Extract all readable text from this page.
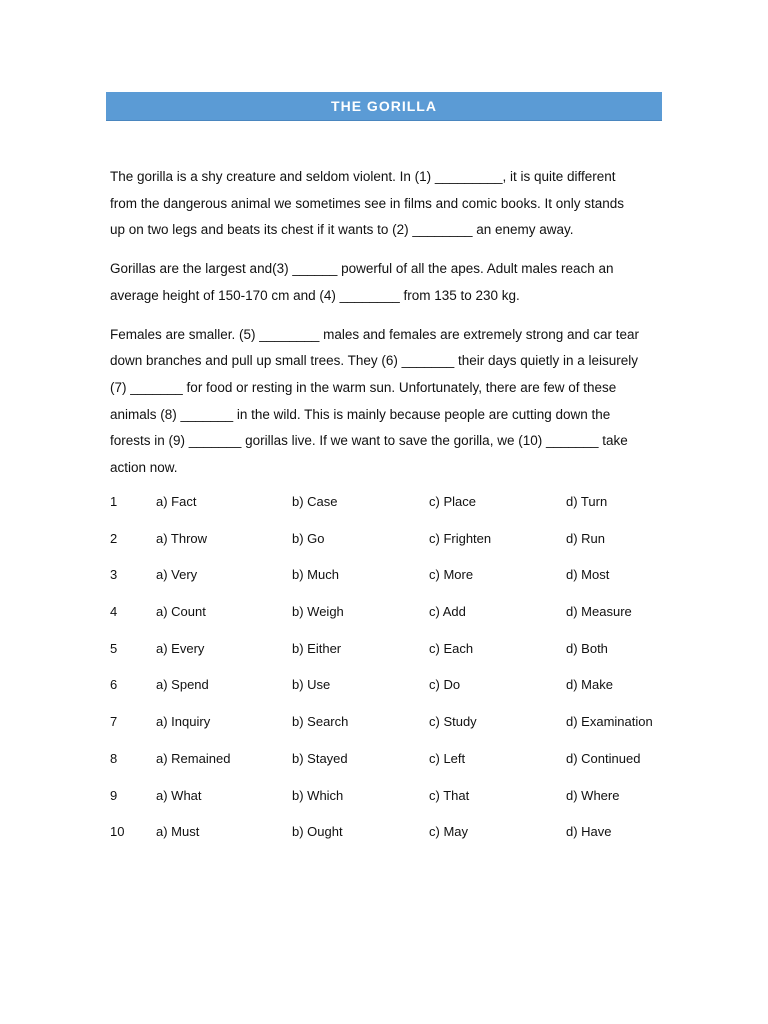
THE GORILLA

The gorilla is a shy creature and seldom violent. In (1) _________, it is quite different
from the dangerous animal we sometimes see in films and comic books. It only stands
up on two legs and beats its chest if it wants to (2) ________ an enemy away.

Gorillas are the largest and(3) ______ powerful of all the apes. Adult males reach an
average height of 150-170 cm and (4) ________ from 135 to 230 kg.

Females are smaller. (5) ________ males and females are extremely strong and car tear
down branches and pull up small trees. They (6) _______ their days quietly in a leisurely
(7) _______ for food or resting in the warm sun. Unfortunately, there are few of these
animals (8) _______ in the wild. This is mainly because people are cutting down the
forests in (9) _______ gorillas live. If we want to save the gorilla, we (10) _______ take
action now.

1	a) Fact	b) Case	c) Place	d) Turn
2	a) Throw	b) Go	c) Frighten	d) Run
3	a) Very	b) Much	c) More	d) Most
4	a) Count	b) Weigh	c) Add	d) Measure
5	a) Every	b) Either	c) Each	d) Both
6	a) Spend	b) Use	c) Do	d) Make
7	a) Inquiry	b) Search	c) Study	d) Examination
8	a) Remained	b) Stayed	c) Left	d) Continued
9	a) What	b) Which	c) That	d) Where
10 a) Must	b) Ought	c) May	d) Have
